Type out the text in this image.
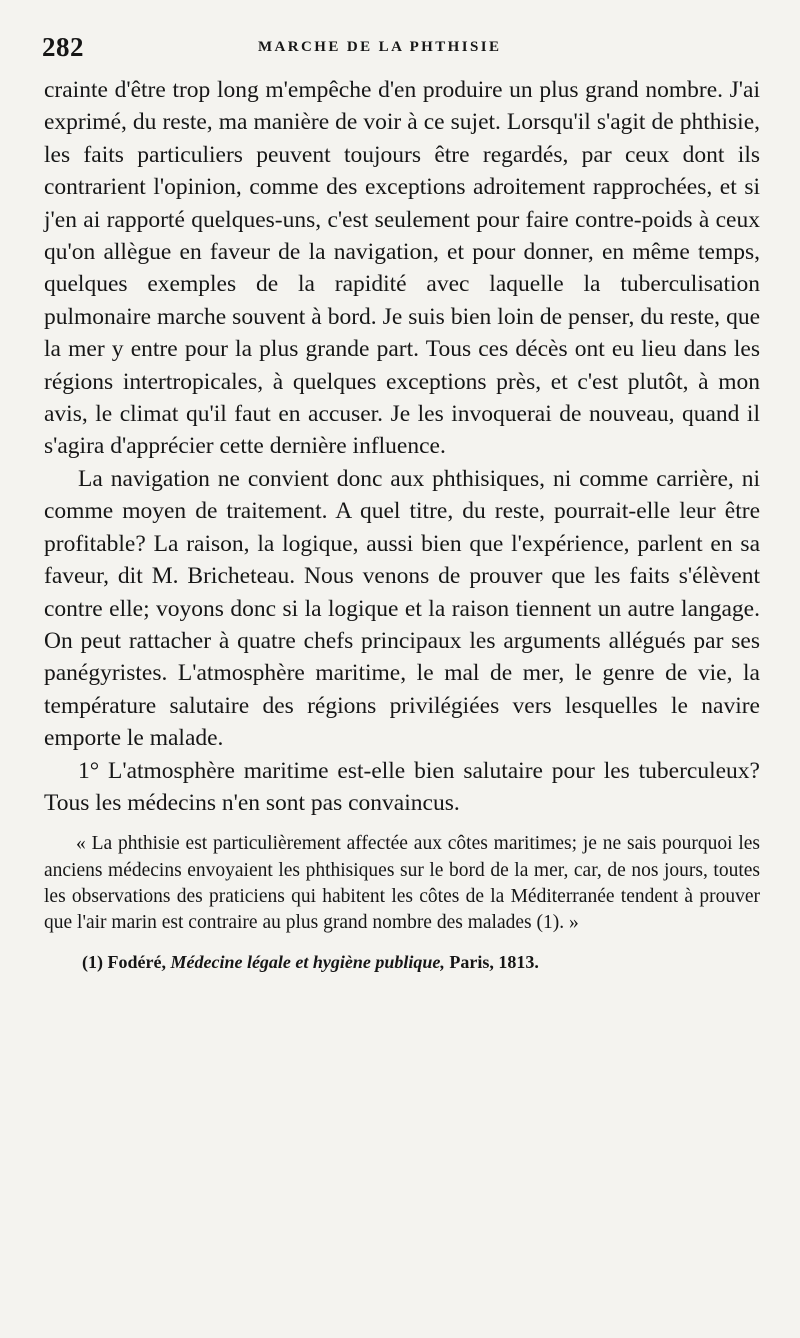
282	MARCHE DE LA PHTHISIE

crainte d'être trop long m'empêche d'en produire un plus grand nombre. J'ai exprimé, du reste, ma manière de voir à ce sujet. Lorsqu'il s'agit de phthisie, les faits particuliers peuvent toujours être regardés, par ceux dont ils contrarient l'opinion, comme des exceptions adroitement rapprochées, et si j'en ai rapporté quelques-uns, c'est seulement pour faire contre-poids à ceux qu'on allègue en faveur de la navigation, et pour donner, en même temps, quelques exemples de la rapidité avec laquelle la tuberculisation pulmonaire marche souvent à bord. Je suis bien loin de penser, du reste, que la mer y entre pour la plus grande part. Tous ces décès ont eu lieu dans les régions intertropicales, à quelques exceptions près, et c'est plutôt, à mon avis, le climat qu'il faut en accuser. Je les invoquerai de nouveau, quand il s'agira d'apprécier cette dernière influence.

La navigation ne convient donc aux phthisiques, ni comme carrière, ni comme moyen de traitement. A quel titre, du reste, pourrait-elle leur être profitable? La raison, la logique, aussi bien que l'expérience, parlent en sa faveur, dit M. Bricheteau. Nous venons de prouver que les faits s'élèvent contre elle; voyons donc si la logique et la raison tiennent un autre langage. On peut rattacher à quatre chefs principaux les arguments allégués par ses panégyristes. L'atmosphère maritime, le mal de mer, le genre de vie, la température salutaire des régions privilégiées vers lesquelles le navire emporte le malade.

1° L'atmosphère maritime est-elle bien salutaire pour les tuberculeux? Tous les médecins n'en sont pas convaincus.

« La phthisie est particulièrement affectée aux côtes maritimes; je ne sais pourquoi les anciens médecins envoyaient les phthisiques sur le bord de la mer, car, de nos jours, toutes les observations des praticiens qui habitent les côtes de la Méditerranée tendent à prouver que l'air marin est contraire au plus grand nombre des malades (1). »

(1) Fodéré, Médecine légale et hygiène publique, Paris, 1813.
